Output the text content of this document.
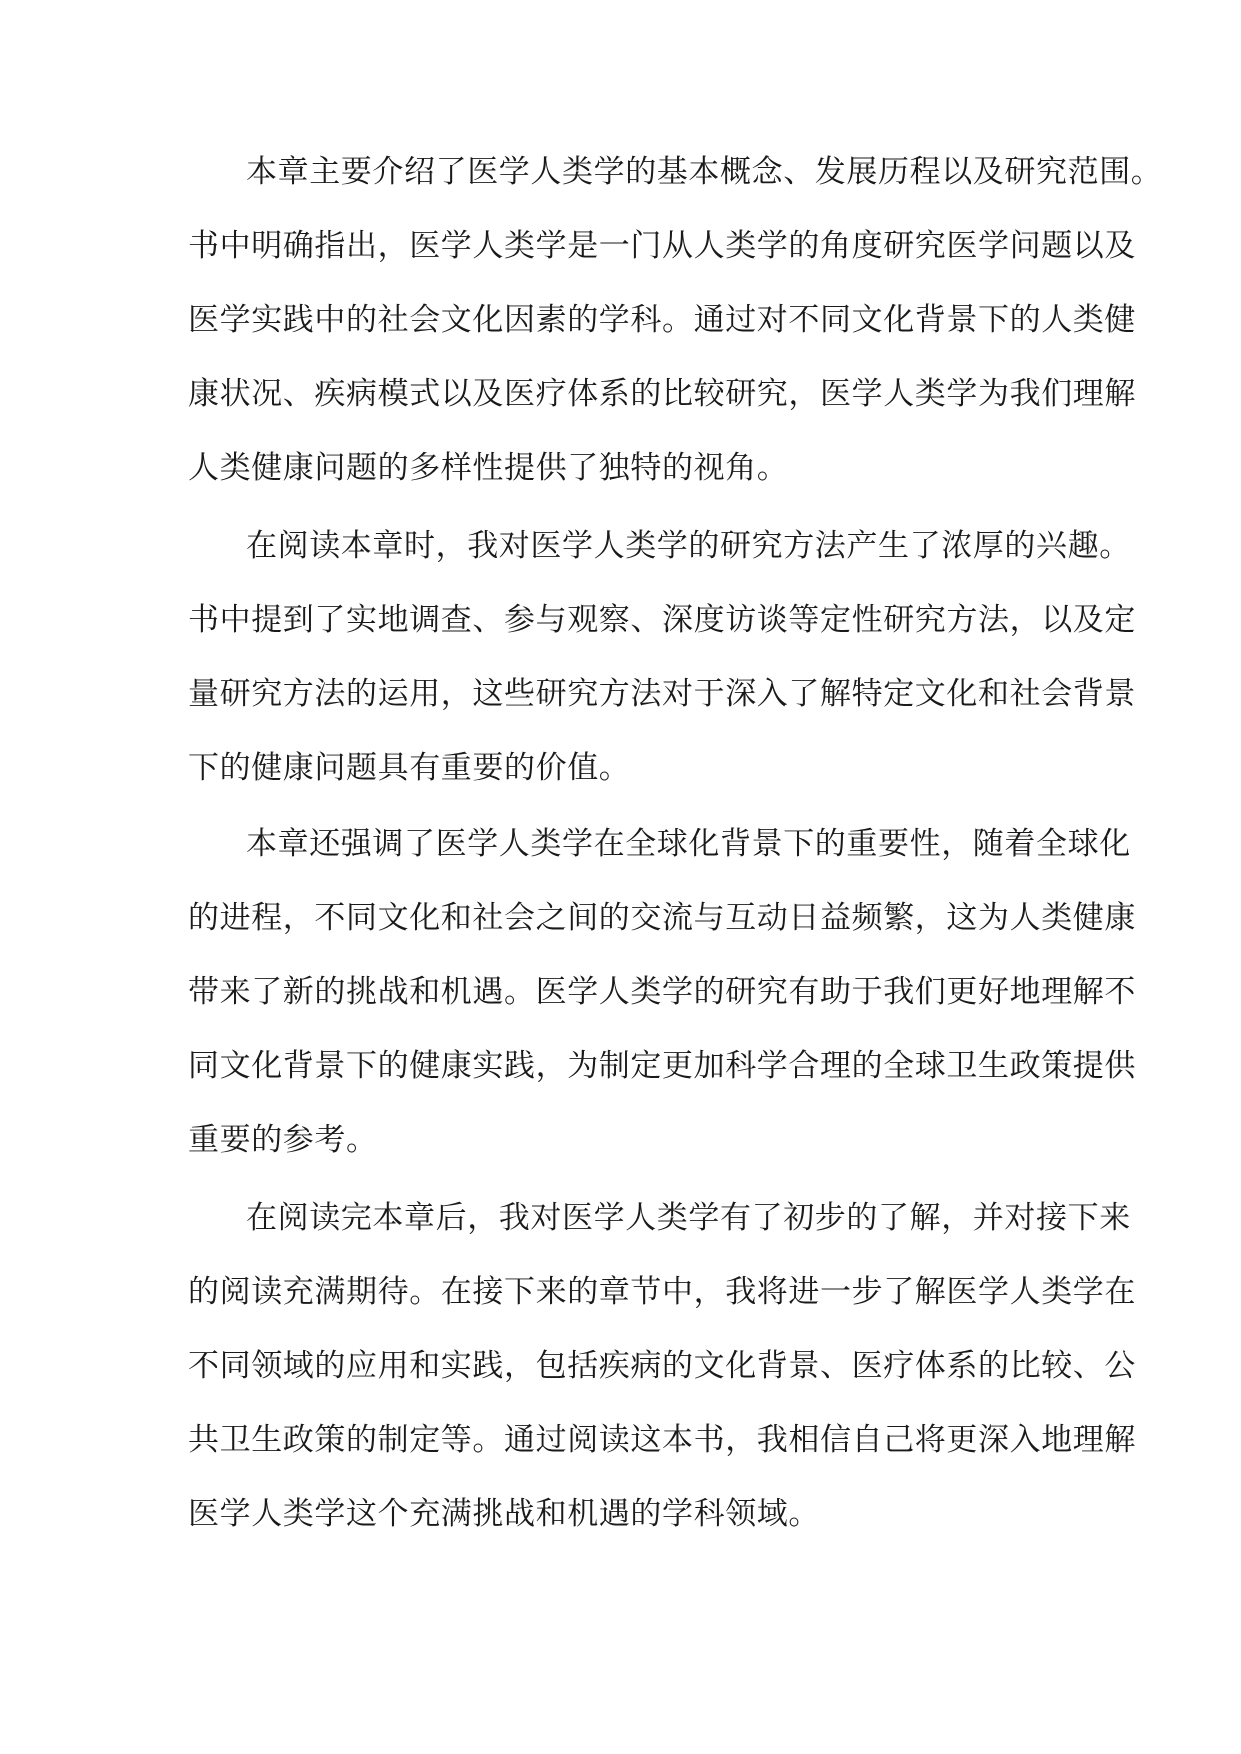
本章主要介绍了医学人类学的基本概念、发展历程以及研究范围。

书中明确指出，医学人类学是一门从人类学的角度研究医学问题以及

医学实践中的社会文化因素的学科。通过对不同文化背景下的人类健

康状况、疾病模式以及医疗体系的比较研究，医学人类学为我们理解

人类健康问题的多样性提供了独特的视角。

在阅读本章时，我对医学人类学的研究方法产生了浓厚的兴趣。

书中提到了实地调查、参与观察、深度访谈等定性研究方法，以及定

量研究方法的运用，这些研究方法对于深入了解特定文化和社会背景

下的健康问题具有重要的价值。

本章还强调了医学人类学在全球化背景下的重要性，随着全球化

的进程，不同文化和社会之间的交流与互动日益频繁，这为人类健康

带来了新的挑战和机遇。医学人类学的研究有助于我们更好地理解不

同文化背景下的健康实践，为制定更加科学合理的全球卫生政策提供

重要的参考。

在阅读完本章后，我对医学人类学有了初步的了解，并对接下来

的阅读充满期待。在接下来的章节中，我将进一步了解医学人类学在

不同领域的应用和实践，包括疾病的文化背景、医疗体系的比较、公

共卫生政策的制定等。通过阅读这本书，我相信自己将更深入地理解

医学人类学这个充满挑战和机遇的学科领域。
